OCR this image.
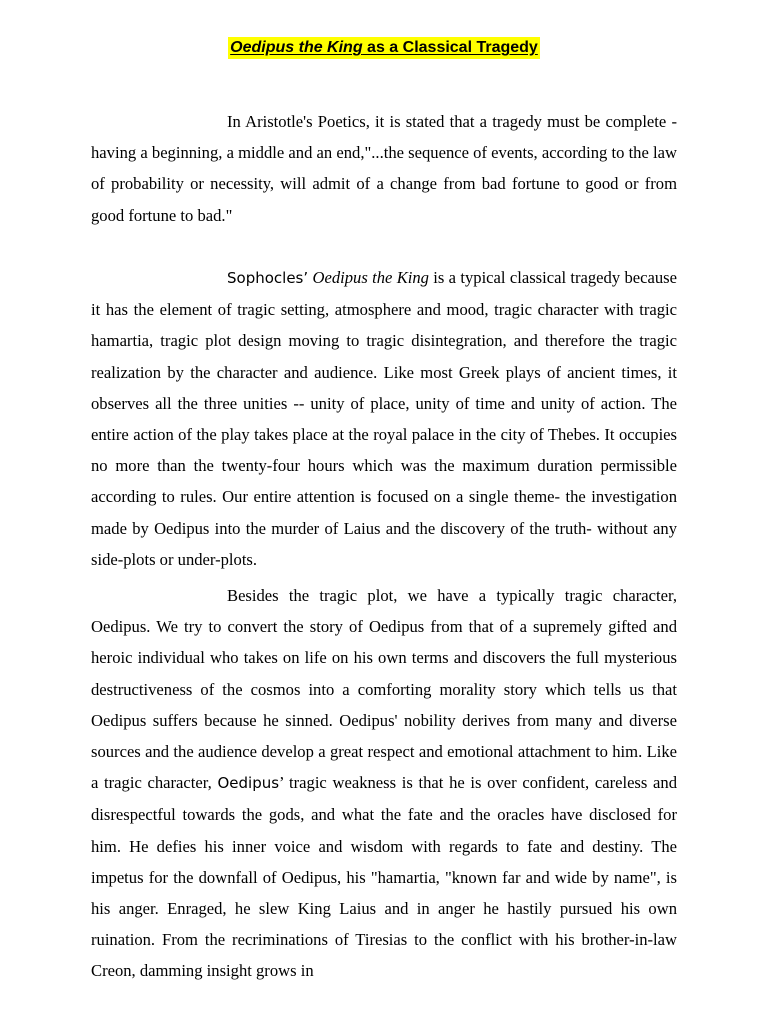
Oedipus the King as a Classical Tragedy

In Aristotle's Poetics, it is stated that a tragedy must be complete - having a beginning, a middle and an end,"...the sequence of events, according to the law of probability or necessity, will admit of a change from bad fortune to good or from good fortune to bad."

Sophocles’ Oedipus the King is a typical classical tragedy because it has the element of tragic setting, atmosphere and mood, tragic character with tragic hamartia, tragic plot design moving to tragic disintegration, and therefore the tragic realization by the character and audience. Like most Greek plays of ancient times, it observes all the three unities -- unity of place, unity of time and unity of action. The entire action of the play takes place at the royal palace in the city of Thebes. It occupies no more than the twenty-four hours which was the maximum duration permissible according to rules. Our entire attention is focused on a single theme- the investigation made by Oedipus into the murder of Laius and the discovery of the truth- without any side-plots or under-plots.

Besides the tragic plot, we have a typically tragic character, Oedipus. We try to convert the story of Oedipus from that of a supremely gifted and heroic individual who takes on life on his own terms and discovers the full mysterious destructiveness of the cosmos into a comforting morality story which tells us that Oedipus suffers because he sinned. Oedipus' nobility derives from many and diverse sources and the audience develop a great respect and emotional attachment to him. Like a tragic character, Oedipus’ tragic weakness is that he is over confident, careless and disrespectful towards the gods, and what the fate and the oracles have disclosed for him. He defies his inner voice and wisdom with regards to fate and destiny. The impetus for the downfall of Oedipus, his "hamartia, "known far and wide by name", is his anger. Enraged, he slew King Laius and in anger he hastily pursued his own ruination. From the recriminations of Tiresias to the conflict with his brother-in-law Creon, damming insight grows in
